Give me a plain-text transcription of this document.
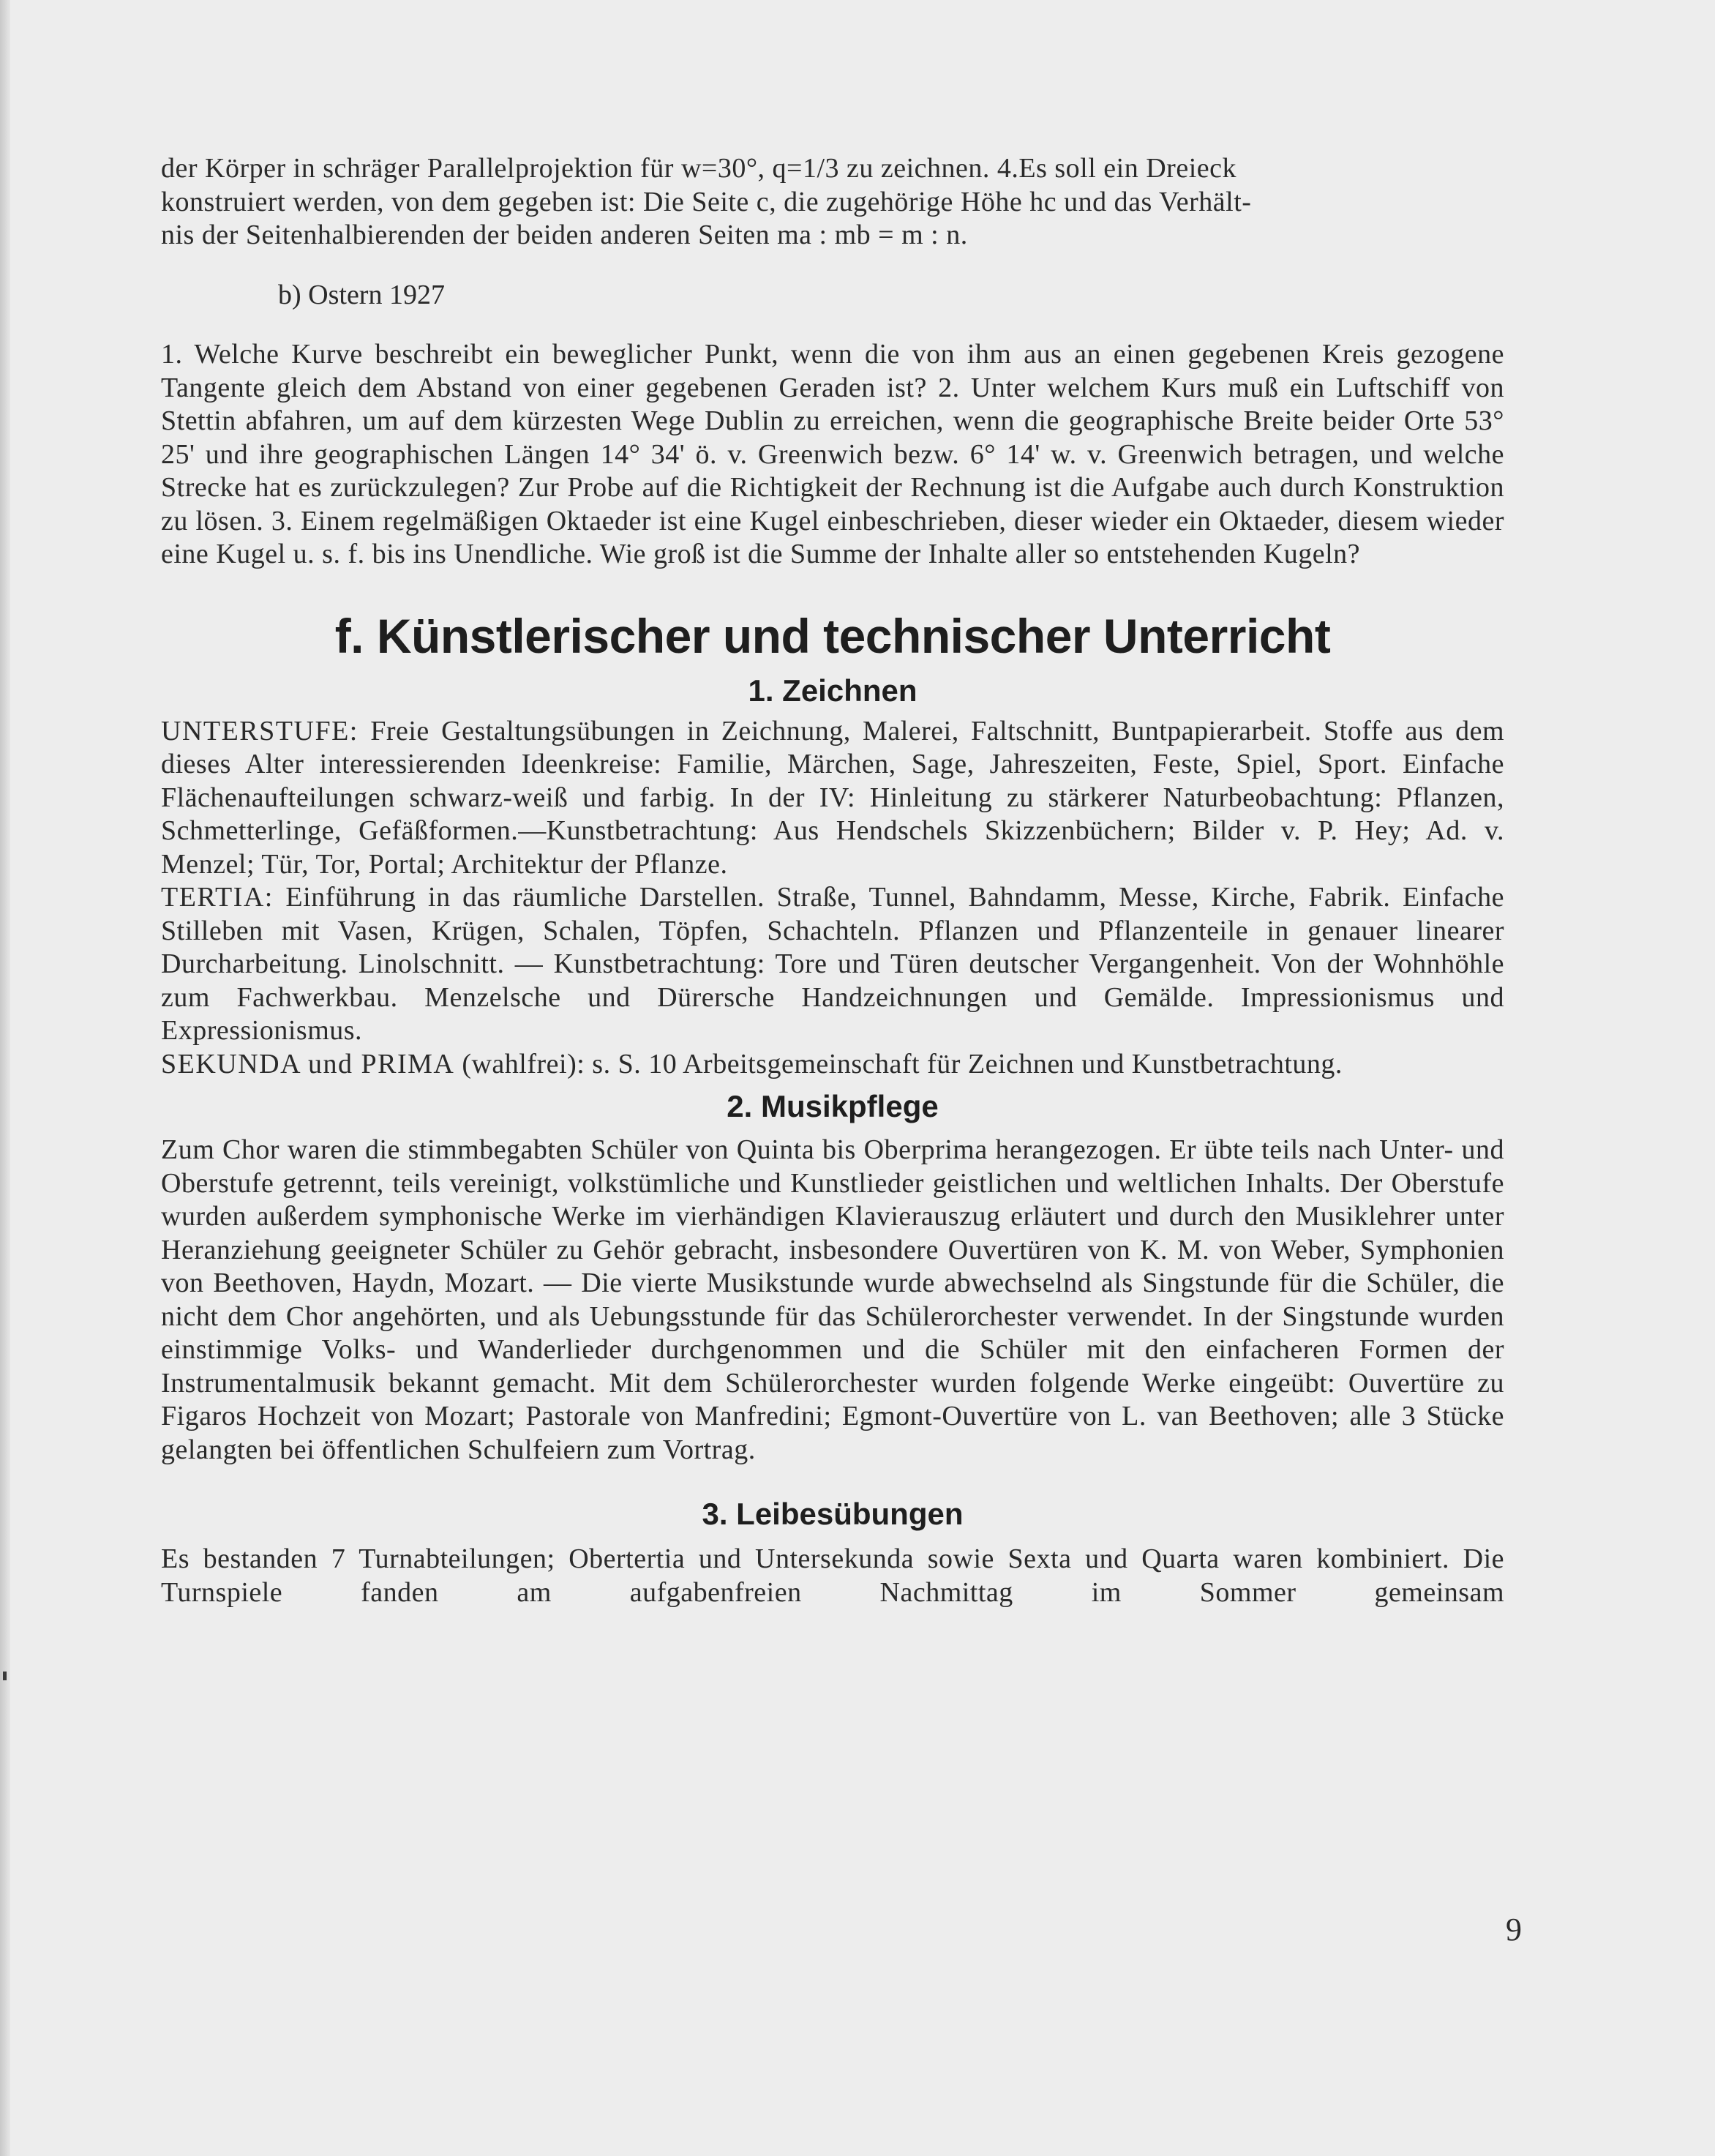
der Körper in schräger Parallelprojektion für w=30°, q=1/3 zu zeichnen. 4.Es soll ein Dreieck
konstruiert werden, von dem gegeben ist: Die Seite c, die zugehörige Höhe hc und das Verhält-
nis der Seitenhalbierenden der beiden anderen Seiten ma : mb = m : n.

b) Ostern 1927

1. Welche Kurve beschreibt ein beweglicher Punkt, wenn die von ihm aus an einen gegebenen Kreis gezogene Tangente gleich dem Abstand von einer gegebenen Geraden ist? 2. Unter welchem Kurs muß ein Luftschiff von Stettin abfahren, um auf dem kürzesten Wege Dublin zu erreichen, wenn die geographische Breite beider Orte 53° 25' und ihre geographischen Längen 14° 34' ö. v. Greenwich bezw. 6° 14' w. v. Greenwich betragen, und welche Strecke hat es zurückzulegen? Zur Probe auf die Richtigkeit der Rechnung ist die Aufgabe auch durch Konstruktion zu lösen. 3. Einem regelmäßigen Oktaeder ist eine Kugel einbeschrieben, dieser wieder ein Oktaeder, diesem wieder eine Kugel u. s. f. bis ins Unendliche. Wie groß ist die Summe der Inhalte aller so entstehenden Kugeln?

f. Künstlerischer und technischer Unterricht
1. Zeichnen

UNTERSTUFE: Freie Gestaltungsübungen in Zeichnung, Malerei, Faltschnitt, Buntpapierarbeit. Stoffe aus dem dieses Alter interessierenden Ideenkreise: Familie, Märchen, Sage, Jahreszeiten, Feste, Spiel, Sport. Einfache Flächenaufteilungen schwarz-weiß und farbig. In der IV: Hinleitung zu stärkerer Naturbeobachtung: Pflanzen, Schmetterlinge, Gefäßformen.—Kunstbetrachtung: Aus Hendschels Skizzenbüchern; Bilder v. P. Hey; Ad. v. Menzel; Tür, Tor, Portal; Architektur der Pflanze.

TERTIA: Einführung in das räumliche Darstellen. Straße, Tunnel, Bahndamm, Messe, Kirche, Fabrik. Einfache Stilleben mit Vasen, Krügen, Schalen, Töpfen, Schachteln. Pflanzen und Pflanzenteile in genauer linearer Durcharbeitung. Linolschnitt. — Kunstbetrachtung: Tore und Türen deutscher Vergangenheit. Von der Wohnhöhle zum Fachwerkbau. Menzelsche und Dürersche Handzeichnungen und Gemälde. Impressionismus und Expressionismus.

SEKUNDA und PRIMA (wahlfrei): s. S. 10 Arbeitsgemeinschaft für Zeichnen und Kunstbetrachtung.

2. Musikpflege

Zum Chor waren die stimmbegabten Schüler von Quinta bis Oberprima herangezogen. Er übte teils nach Unter- und Oberstufe getrennt, teils vereinigt, volkstümliche und Kunstlieder geistlichen und weltlichen Inhalts. Der Oberstufe wurden außerdem symphonische Werke im vierhändigen Klavierauszug erläutert und durch den Musiklehrer unter Heranziehung geeigneter Schüler zu Gehör gebracht, insbesondere Ouvertüren von K. M. von Weber, Symphonien von Beethoven, Haydn, Mozart. — Die vierte Musikstunde wurde abwechselnd als Singstunde für die Schüler, die nicht dem Chor angehörten, und als Uebungsstunde für das Schülerorchester verwendet. In der Singstunde wurden einstimmige Volks- und Wanderlieder durchgenommen und die Schüler mit den einfacheren Formen der Instrumentalmusik bekannt gemacht. Mit dem Schülerorchester wurden folgende Werke eingeübt: Ouvertüre zu Figaros Hochzeit von Mozart; Pastorale von Manfredini; Egmont-Ouvertüre von L. van Beethoven; alle 3 Stücke gelangten bei öffentlichen Schulfeiern zum Vortrag.

3. Leibesübungen

Es bestanden 7 Turnabteilungen; Obertertia und Untersekunda sowie Sexta und Quarta waren kombiniert. Die Turnspiele fanden am aufgabenfreien Nachmittag im Sommer gemeinsam

9
